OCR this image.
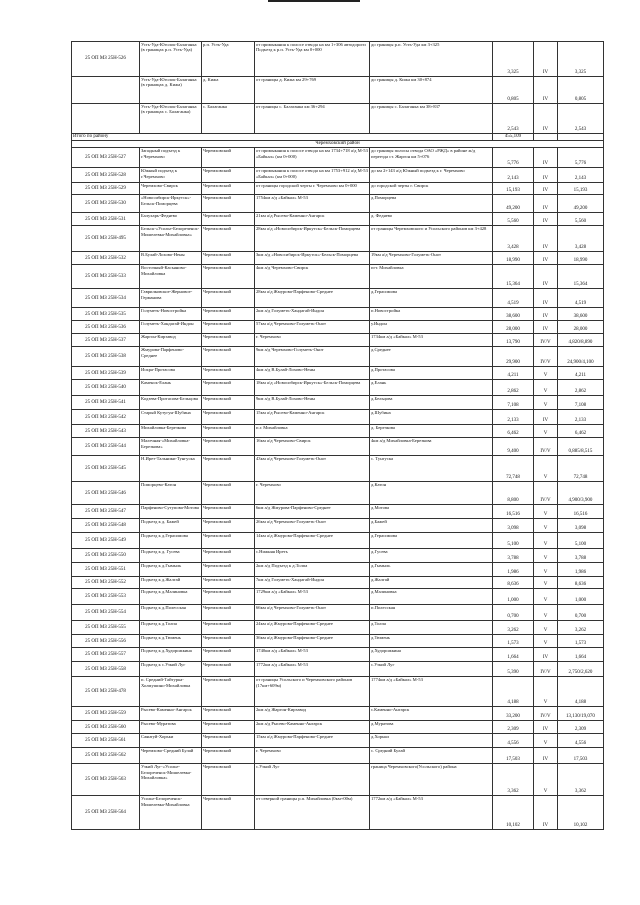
25 ОП МЗ 25Н-526	Усть-Уда-Юголок-Балаганка (в границах р.п. Усть-Уда)	р.п. Усть-Уда	от примыкания к полосе отвода на км 1+306 автодороги Подъезд к р.п. Усть-Уда км 0+000	до границы р.п. Усть-Уда км 3+325	3,325	IV	3,325
	Усть-Уда-Юголок-Балаганка (в границах д. Кижа)	д. Кижа	от границы д. Кижа км 29+769	до границы д. Кижа км 30+874	0,805	IV	0,805
	Усть-Уда-Юголок-Балаганка (в границах с. Балаганка)	с. Балаганка	от границы с. Балаганка км 36+294	до границы с. Балаганка км 38+837	2,543	IV	2,543
Итого по району					455,109		
Черемховский район							
25 ОП МЗ 25Н-527	Западный подъезд к г.Черемхово	Черемховский	от примыкания к полосе отвода на км 1734+718 а/д М-53 «Байкал» (км 0+000)	до границы полосы отвода ОАО «РЖД» в районе ж/д переезда ст. Жаргон км 5+076	5,776	IV	5,776
25 ОП МЗ 25Н-528	Южный подъезд к г.Черемхово	Черемховский	от примыкания к полосе отвода на км 1753+912 а/д М-53 «Байкал» (км 0+000)	до км 2+143 а/д Южный подъезд к г. Черемхово	2,143	IV	2,143
25 ОП МЗ 25Н-529	Черемхово-Свирск	Черемховский	от границы городской черты г. Черемхово км 0+000	до городской черты г. Свирск	15,193	IV	15,193
25 ОП МЗ 25Н-530	«Новосибирск-Иркутск»-Бельск-Поморцева	Черемховский	1754км а/д «Байкал» М-53	д.Поморцева	49,200	IV	49,200
25 ОП МЗ 25Н-531	Балухарь-Федяево	Черемховский	21км а/д Рысево-Каменно-Ангарск	д. Федяево	5,560	IV	5,560
25 ОП МЗ 25Н-495	Бельск-«Усолье-Белореченск-Мишелевка-Михайловка»	Черемховский	28км а/д «Новосибирск-Иркутск»-Бельск-Поморцева	от границы Черемховского и Усольского районов км 3+428	3,428	IV	3,428
25 ОП МЗ 25Н-532	В.Булай-Лохово-Нены	Черемховский	3км а/д «Новосибирск-Иркутск»-Бельск-Поморцева	19км а/д Черемхово-Голуметь-Онот	18,990	IV	18,990
25 ОП МЗ 25Н-533	Восточный-Касьяново-Михайловка	Черемховский	4км а/д Черемхово-Свирск	пгт. Михайловка	15,364	IV	15,364
25 ОП МЗ 25Н-534	Гаврилковское-Жерновое-Германова	Черемховский	28км а/д Жмурова-Парфеново-Среднее	д.Герасимова	4,519	IV	4,519
25 ОП МЗ 25Н-535	Голуметь-Новостройка	Черемховский	2км а/д Голуметь-Хандагай-Индон	п.Новостройка	38,600	IV	38,600
25 ОП МЗ 25Н-536	Голуметь-Хандагай-Индон	Черемховский	57км а/д Черемхово-Голуметь-Онот	у.Индон	28,000	IV	28,000
25 ОП МЗ 25Н-537	Жаргон-Кирзавод	Черемховский	г. Черемхово	1734км а/д «Байкал» М-53	13,790	IV/V	4,820/8,890
25 ОП МЗ 25Н-538	Жмурова-Парфеново-Среднее	Черемховский	9км а/д Черемхово-Голуметь-Онот	д.Среднее	29,900	IV/V	24,900/4,100
25 ОП МЗ 25Н-539	Искра-Протасова	Черемховский	4км а/д В.Булай-Лохово-Нены	д.Протасова	4,211	V	4,211
25 ОП МЗ 25Н-540	Каменск-Елань	Черемховский	18км а/д «Новосибирск-Иркутск»-Бельск-Поморцева	д.Елань	2,862	V	2,862
25 ОП МЗ 25Н-541	Кодзева-Протасова-Бельцова	Черемховский	9км а/д В.Булай-Лохово-Нены	д.Бельцова	7,108	V	7,108
25 ОП МЗ 25Н-542	Старый Кутугун-Шубина	Черемховский	15км а/д Рысево-Каменно-Ангарск	д.Шубина	2,133	IV	2,133
25 ОП МЗ 25Н-543	Михайловка-Березкова	Черемховский	п.г. Михайловка	д. Березкова	6,462	V	6,462
25 ОП МЗ 25Н-544	Малечная-«Михайловка-Березкова»	Черемховский	16км а/д Черемхово-Свирск	4км а/д Михайловка-Березкова	9,400	IV/V	0,885/8,515
25 ОП МЗ 25Н-545	Н.Ирет-Тальники-Тунгуска	Черемховский	43км а/д Черемхово-Голуметь-Онот	с. Тунгуска	72,748	V	72,748
25 ОП МЗ 25Н-546	Поморцево-Катон	Черемховский	г. Черемхово	д.Катон	8,800	IV/V	4,900/3,900
25 ОП МЗ 25Н-547	Парфеново-Сутупова-Мотова	Черемховский	6км а/д Жмурова-Парфеново-Среднее	д.Мотова	16,516	V	16,516
25 ОП МЗ 25Н-548	Подъезд к д. Бажей	Черемховский	26км а/д Черемхово-Голуметь-Онот	д.Бажей	3,098	V	3,098
25 ОП МЗ 25Н-549	Подъезд к д.Герасимова	Черемховский	14км а/д Жмурова-Парфеново-Среднее	д.Герасимова	5,100	V	5,100
25 ОП МЗ 25Н-550	Подъезд к д. Гусева	Черемховский	с.Нижняя Иреть	д.Гусева	3,788	V	3,788
25 ОП МЗ 25Н-551	Подъезд к д.Гымыль	Черемховский	2км а/д Подъезд к д.Толпа	д.Гымыль	1,986	V	1,986
25 ОП МЗ 25Н-552	Подъезд к д.Жалгай	Черемховский	7км а/д Голуметь-Хандагай-Индон	д.Жалгай	8,636	V	8,636
25 ОП МЗ 25Н-553	Подъезд к д.Малиновка	Черемховский	1729км а/д «Байкал» М-53	д.Малиновка	1,000	V	1,000
25 ОП МЗ 25Н-554	Подъезд к д.Полесская	Черемховский	66км а/д Черемхово-Голуметь-Онот	п.Полесская	0,700	V	0,700
25 ОП МЗ 25Н-555	Подъезд к д.Толпа	Черемховский	24км а/д Жмурова-Парфеново-Среднее	д.Толпа	3,262	V	3,262
25 ОП МЗ 25Н-556	Подъезд к д.Тюмень	Черемховский	36км а/д Жмурова-Парфеново-Среднее	д.Тюмень	1,573	V	1,573
25 ОП МЗ 25Н-557	Подъезд к д.Худорожкина	Черемховский	1740км а/д «Байкал» М-53	д.Худорожкина	1,664	IV	1,664
25 ОП МЗ 25Н-558	Подъезд к с.Узкий Луг	Черемховский	1772км а/д «Байкал» М-53	с.Узкий Луг	5,390	IV/V	2,750/2,620
25 ОП МЗ 25Н-478	п. Средний-Тайтурка-Холмушино-Михайловка	Черемховский	от границы Усольского и Черемховского районов (17км+609м)	1774км а/д «Байкал» М-53	4,188	V	4,188
25 ОП МЗ 25Н-559	Рысево-Каменно-Ангарск	Черемховский	2км а/д Жаргон-Кирзавод	с.Каменно-Ангарск	33,200	IV/V	13,130/19,070
25 ОП МЗ 25Н-560	Рысево-Муратова	Черемховский	2км а/д Рысево-Каменно-Ангарск	д.Муратова	2,309	IV	2,309
25 ОП МЗ 25Н-561	Саянтуй-Хорьки	Черемховский	15км а/д Жмурова-Парфеново-Среднее	д.Хорьки	4,556	V	4,556
25 ОП МЗ 25Н-562	Черемхово-Средний Булай	Черемховский	г. Черемхово	с. Средний Булай	17,503	IV	17,503
25 ОП МЗ 25Н-563	Узкий Луг-«Усолье-Белореченск-Мишелевка-Михайловка»	Черемховский	с.Узкий Луг	граница Черемховского(Усольского) района	3,362	V	3,362
25 ОП МЗ 25Н-564	Усолье-Белореченск-Мишелевка-Михайловка	Черемховский	от северной границы р.п. Михайловка (0км+00м)	1772км а/д «Байкал» М-53	10,102	IV	10,102
